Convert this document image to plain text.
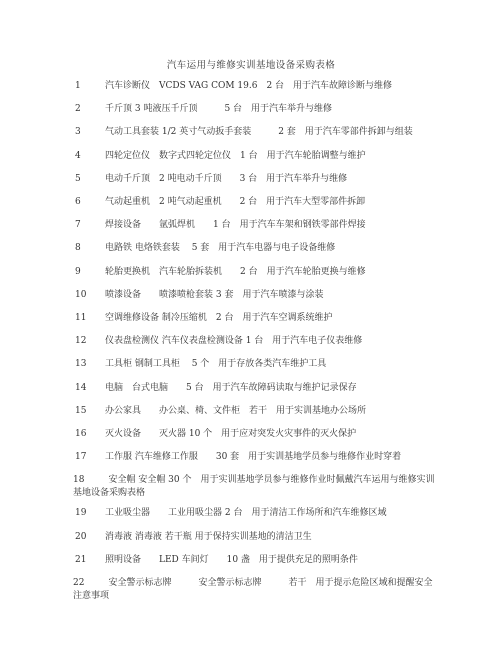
汽车运用与维修实训基地设备采购表格
1	汽车诊断仪　VCDS VAG COM 19.6　2 台　用于汽车故障诊断与维修
2	千斤顶 3 吨液压千斤顶　　　5 台　用于汽车举升与维修
3	气动工具套装 1/2 英寸气动扳手套装　　　2 套　用于汽车零部件拆卸与组装
4	四轮定位仪　数字式四轮定位仪　1 台　用于汽车轮胎调整与维护
5	电动千斤顶　2 吨电动千斤顶　　3 台　用于汽车举升与维修
6	气动起重机　2 吨气动起重机　　2 台　用于汽车大型零部件拆卸
7	焊接设备　　氩弧焊机　　1 台　用于汽车车架和钢铁零部件焊接
8	电路铁 电烙铁套装　 5 套　用于汽车电器与电子设备维修
9	轮胎更换机　汽车轮胎拆装机　　2 台　用于汽车轮胎更换与维修
10 喷漆设备　　喷漆喷枪套装 3 套　用于汽车喷漆与涂装
11 空调维修设备 制冷压缩机　2 台　用于汽车空调系统维护
12 仪表盘检测仪 汽车仪表盘检测设备 1 台　用于汽车电子仪表维修
13 工具柜 钢制工具柜　 5 个　用于存放各类汽车维护工具
14 电脑　台式电脑　　5 台　用于汽车故障码读取与维护记录保存
15 办公家具　　办公桌、椅、文件柜　若干　用于实训基地办公场所
16 灭火设备　　灭火器 10 个　用于应对突发火灾事件的灭火保护
17 工作服 汽车维修工作服　　30 套　用于实训基地学员参与维修作业时穿着
18	安全帽 安全帽 30 个　用于实训基地学员参与维修作业时佩戴汽车运用与维修实训基地设备采购表格
19 工业吸尘器　　工业用吸尘器 2 台　用于清洁工作场所和汽车维修区域
20 消毒液 消毒液 若干瓶 用于保持实训基地的清洁卫生
21 照明设备　　LED 车间灯　　10 盏　用于提供充足的照明条件
22	安全警示标志牌　　　安全警示标志牌　　　若干　用于提示危险区域和提醒安全注意事项
